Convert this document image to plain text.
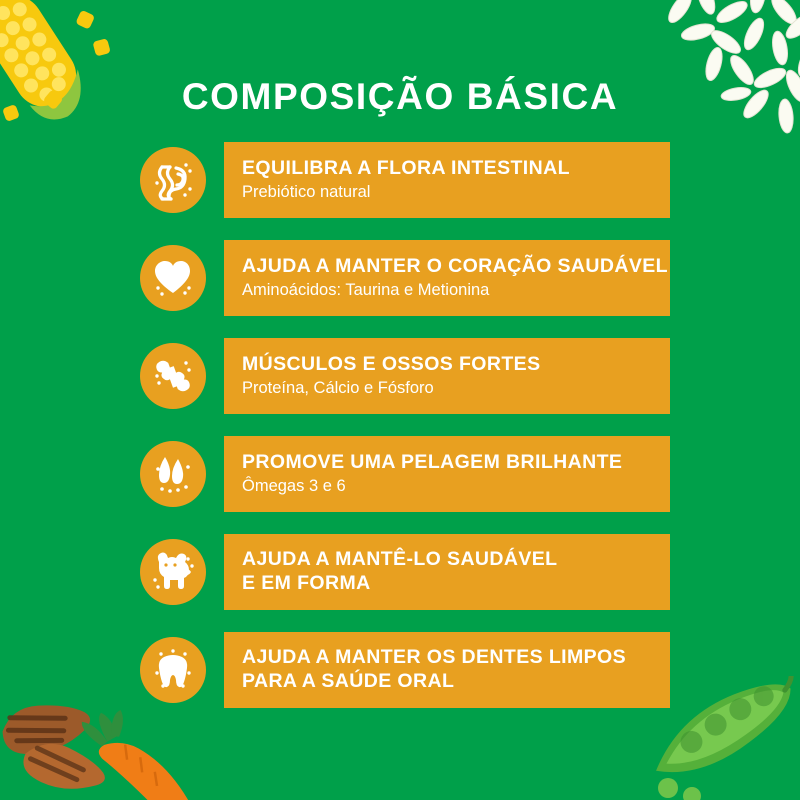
COMPOSIÇÃO BÁSICA
EQUILIBRA A FLORA INTESTINAL
Prebiótico natural
AJUDA A MANTER O CORAÇÃO SAUDÁVEL
Aminoácidos: Taurina e Metionina
MÚSCULOS E OSSOS FORTES
Proteína, Cálcio e Fósforo
PROMOVE UMA PELAGEM BRILHANTE
Ômegas 3 e 6
AJUDA A MANTÊ-LO SAUDÁVEL
E EM FORMA
AJUDA A MANTER OS DENTES LIMPOS
PARA A SAÚDE ORAL
